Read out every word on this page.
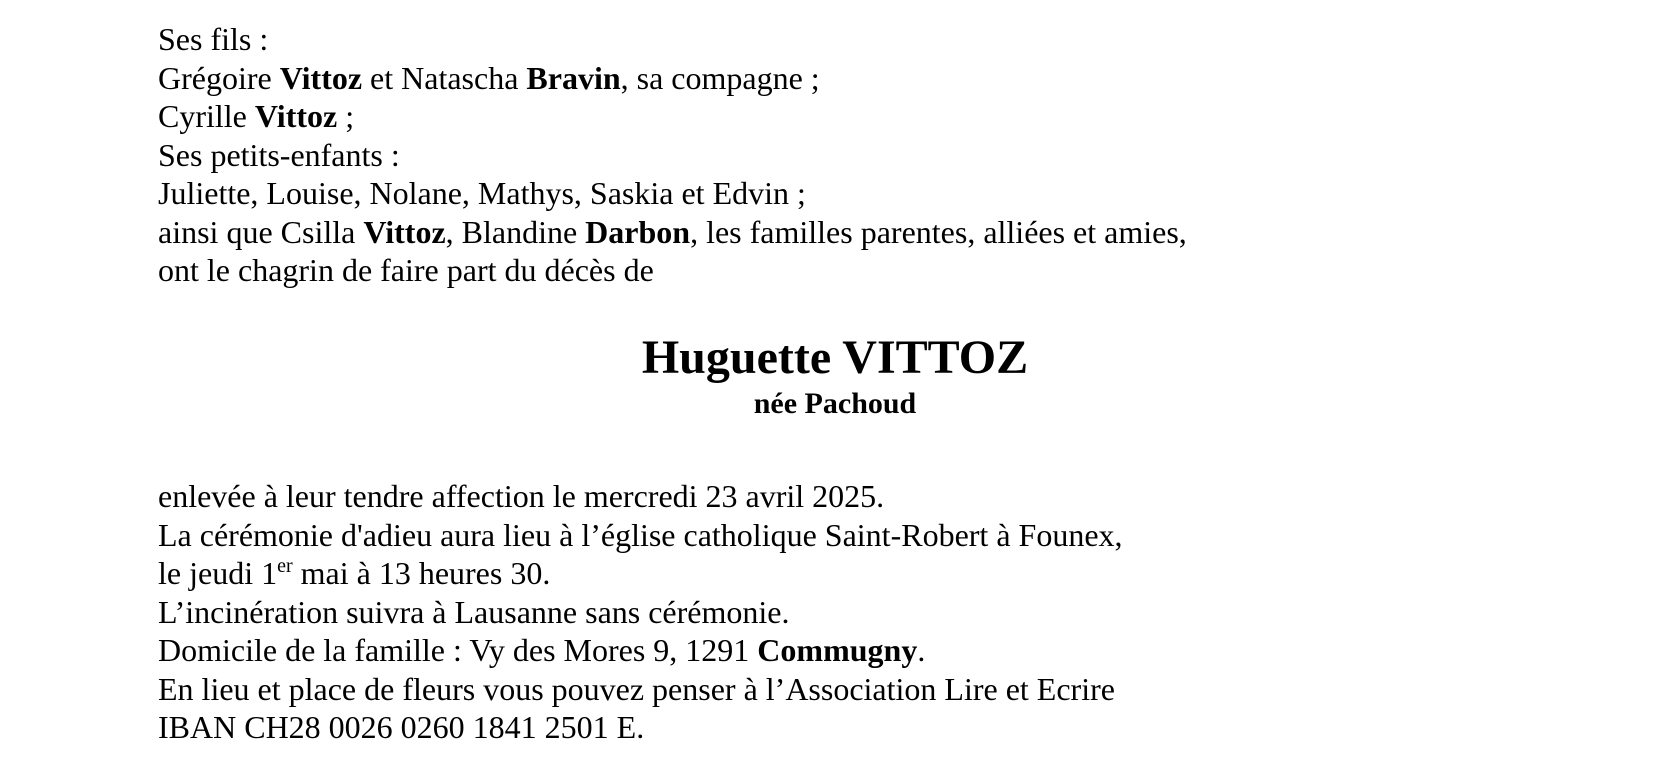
Ses fils :
Grégoire Vittoz et Natascha Bravin, sa compagne ;
Cyrille Vittoz ;
Ses petits-enfants :
Juliette, Louise, Nolane, Mathys, Saskia et Edvin ;
ainsi que Csilla Vittoz, Blandine Darbon, les familles parentes, alliées et amies,
ont le chagrin de faire part du décès de
Huguette VITTOZ
née Pachoud
enlevée à leur tendre affection le mercredi 23 avril 2025.
La cérémonie d'adieu aura lieu à l’église catholique Saint-Robert à Founex,
le jeudi 1er mai à 13 heures 30.
L’incinération suivra à Lausanne sans cérémonie.
Domicile de la famille : Vy des Mores 9, 1291 Commugny.
En lieu et place de fleurs vous pouvez penser à l’Association Lire et Ecrire
IBAN CH28 0026 0260 1841 2501 E.
